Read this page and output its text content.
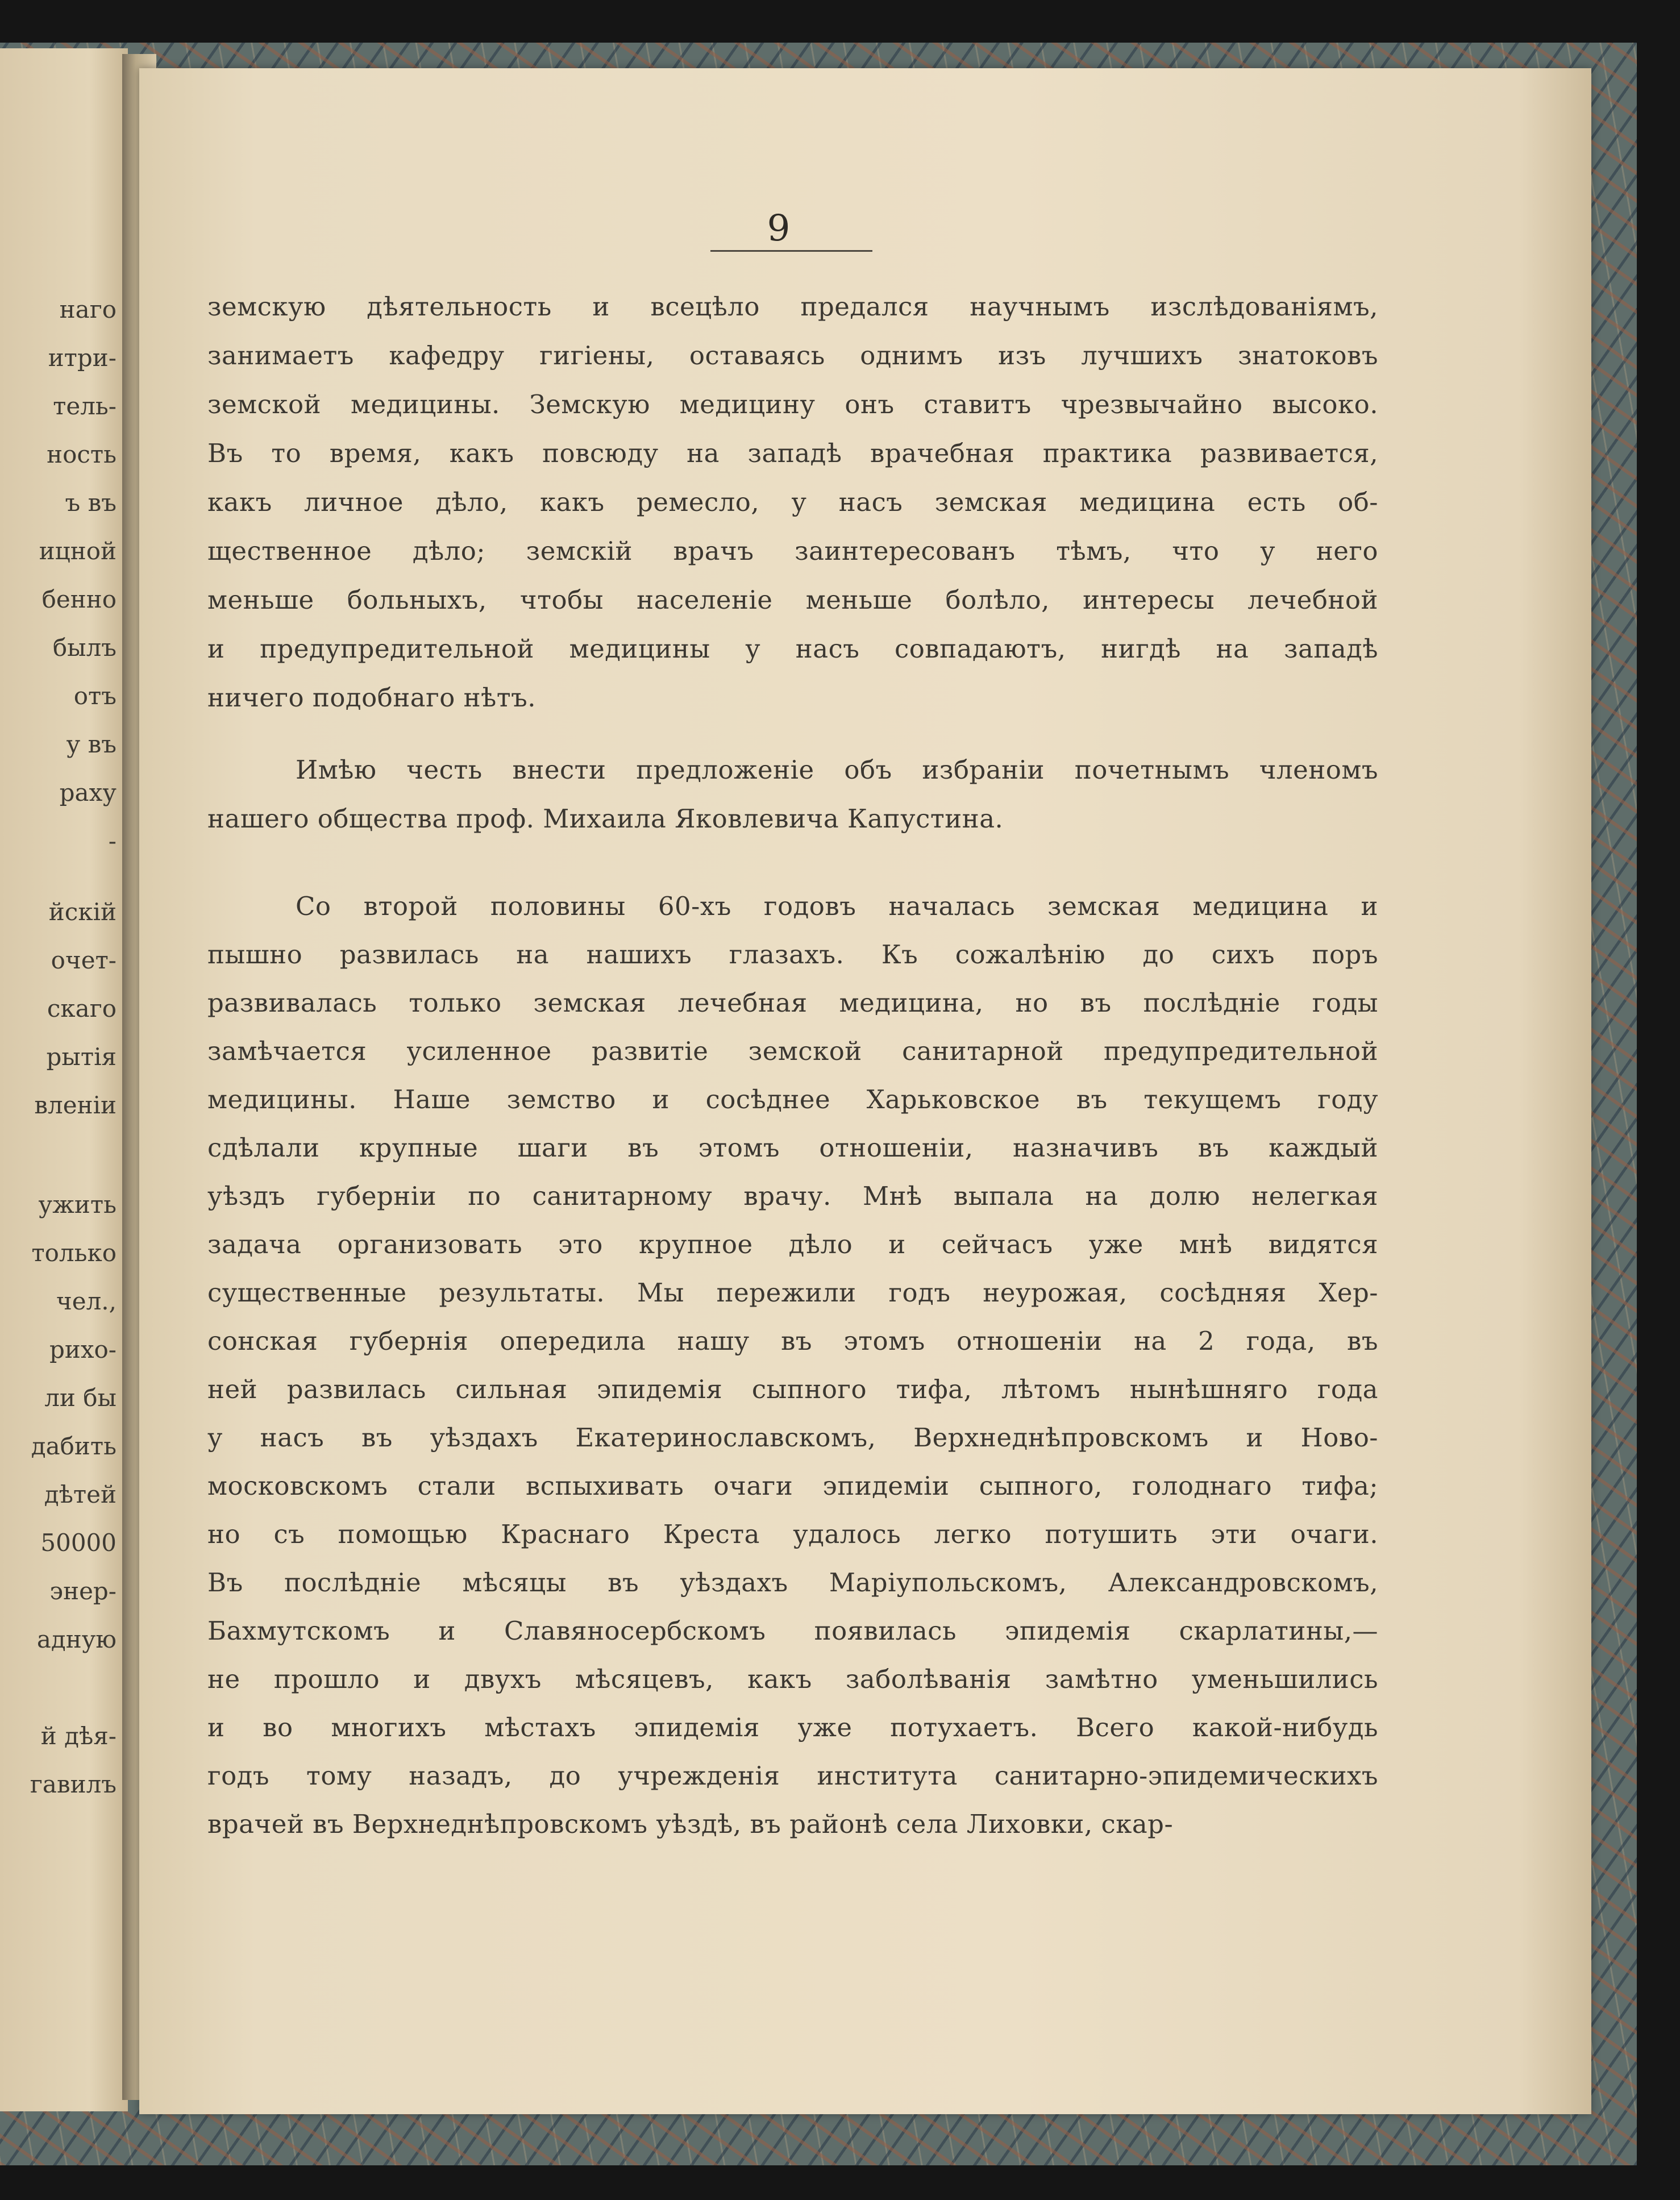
наго
итри-
тель-
ность
ъ въ
ицной
бенно
былъ
отъ
у въ
раху
-
йскій
очет-
скаго
рытія
вленіи
ужить
только
чел.,
рихо-
ли бы
дабить
дѣтей
50000
энер-
адную
й дѣя-
гавилъ
9
земскую дѣятельность и всецѣло предался научнымъ изслѣдованіямъ,
занимаетъ кафедру гигіены, оставаясь однимъ изъ лучшихъ знатоковъ
земской медицины. Земскую медицину онъ ставитъ чрезвычайно высоко.
Въ то время, какъ повсюду на западѣ врачебная практика развивается,
какъ личное дѣло, какъ ремесло, у насъ земская медицина есть об-
щественное дѣло; земскій врачъ заинтересованъ тѣмъ, что у него
меньше больныхъ, чтобы населеніе меньше болѣло, интересы лечебной
и предупредительной медицины у насъ совпадаютъ, нигдѣ на западѣ
ничего подобнаго нѣтъ.
Имѣю честь внести предложеніе объ избраніи почетнымъ членомъ
нашего общества проф. Михаила Яковлевича Капустина.
Со второй половины 60-хъ годовъ началась земская медицина и
пышно развилась на нашихъ глазахъ. Къ сожалѣнію до сихъ поръ
развивалась только земская лечебная медицина, но въ послѣдніе годы
замѣчается усиленное развитіе земской санитарной предупредительной
медицины. Наше земство и сосѣднее Харьковское въ текущемъ году
сдѣлали крупные шаги въ этомъ отношеніи, назначивъ въ каждый
уѣздъ губерніи по санитарному врачу. Мнѣ выпала на долю нелегкая
задача организовать это крупное дѣло и сейчасъ уже мнѣ видятся
существенные результаты. Мы пережили годъ неурожая, сосѣдняя Хер-
сонская губернія опередила нашу въ этомъ отношеніи на 2 года, въ
ней развилась сильная эпидемія сыпного тифа, лѣтомъ нынѣшняго года
у насъ въ уѣздахъ Екатеринославскомъ, Верхнеднѣпровскомъ и Ново-
московскомъ стали вспыхивать очаги эпидеміи сыпного, голоднаго тифа;
но съ помощью Краснаго Креста удалось легко потушить эти очаги.
Въ послѣдніе мѣсяцы въ уѣздахъ Маріупольскомъ, Александровскомъ,
Бахмутскомъ и Славяносербскомъ появилась эпидемія скарлатины,—
не прошло и двухъ мѣсяцевъ, какъ заболѣванія замѣтно уменьшились
и во многихъ мѣстахъ эпидемія уже потухаетъ. Всего какой-нибудь
годъ тому назадъ, до учрежденія института санитарно-эпидемическихъ
врачей въ Верхнеднѣпровскомъ уѣздѣ, въ районѣ села Лиховки, скар-
